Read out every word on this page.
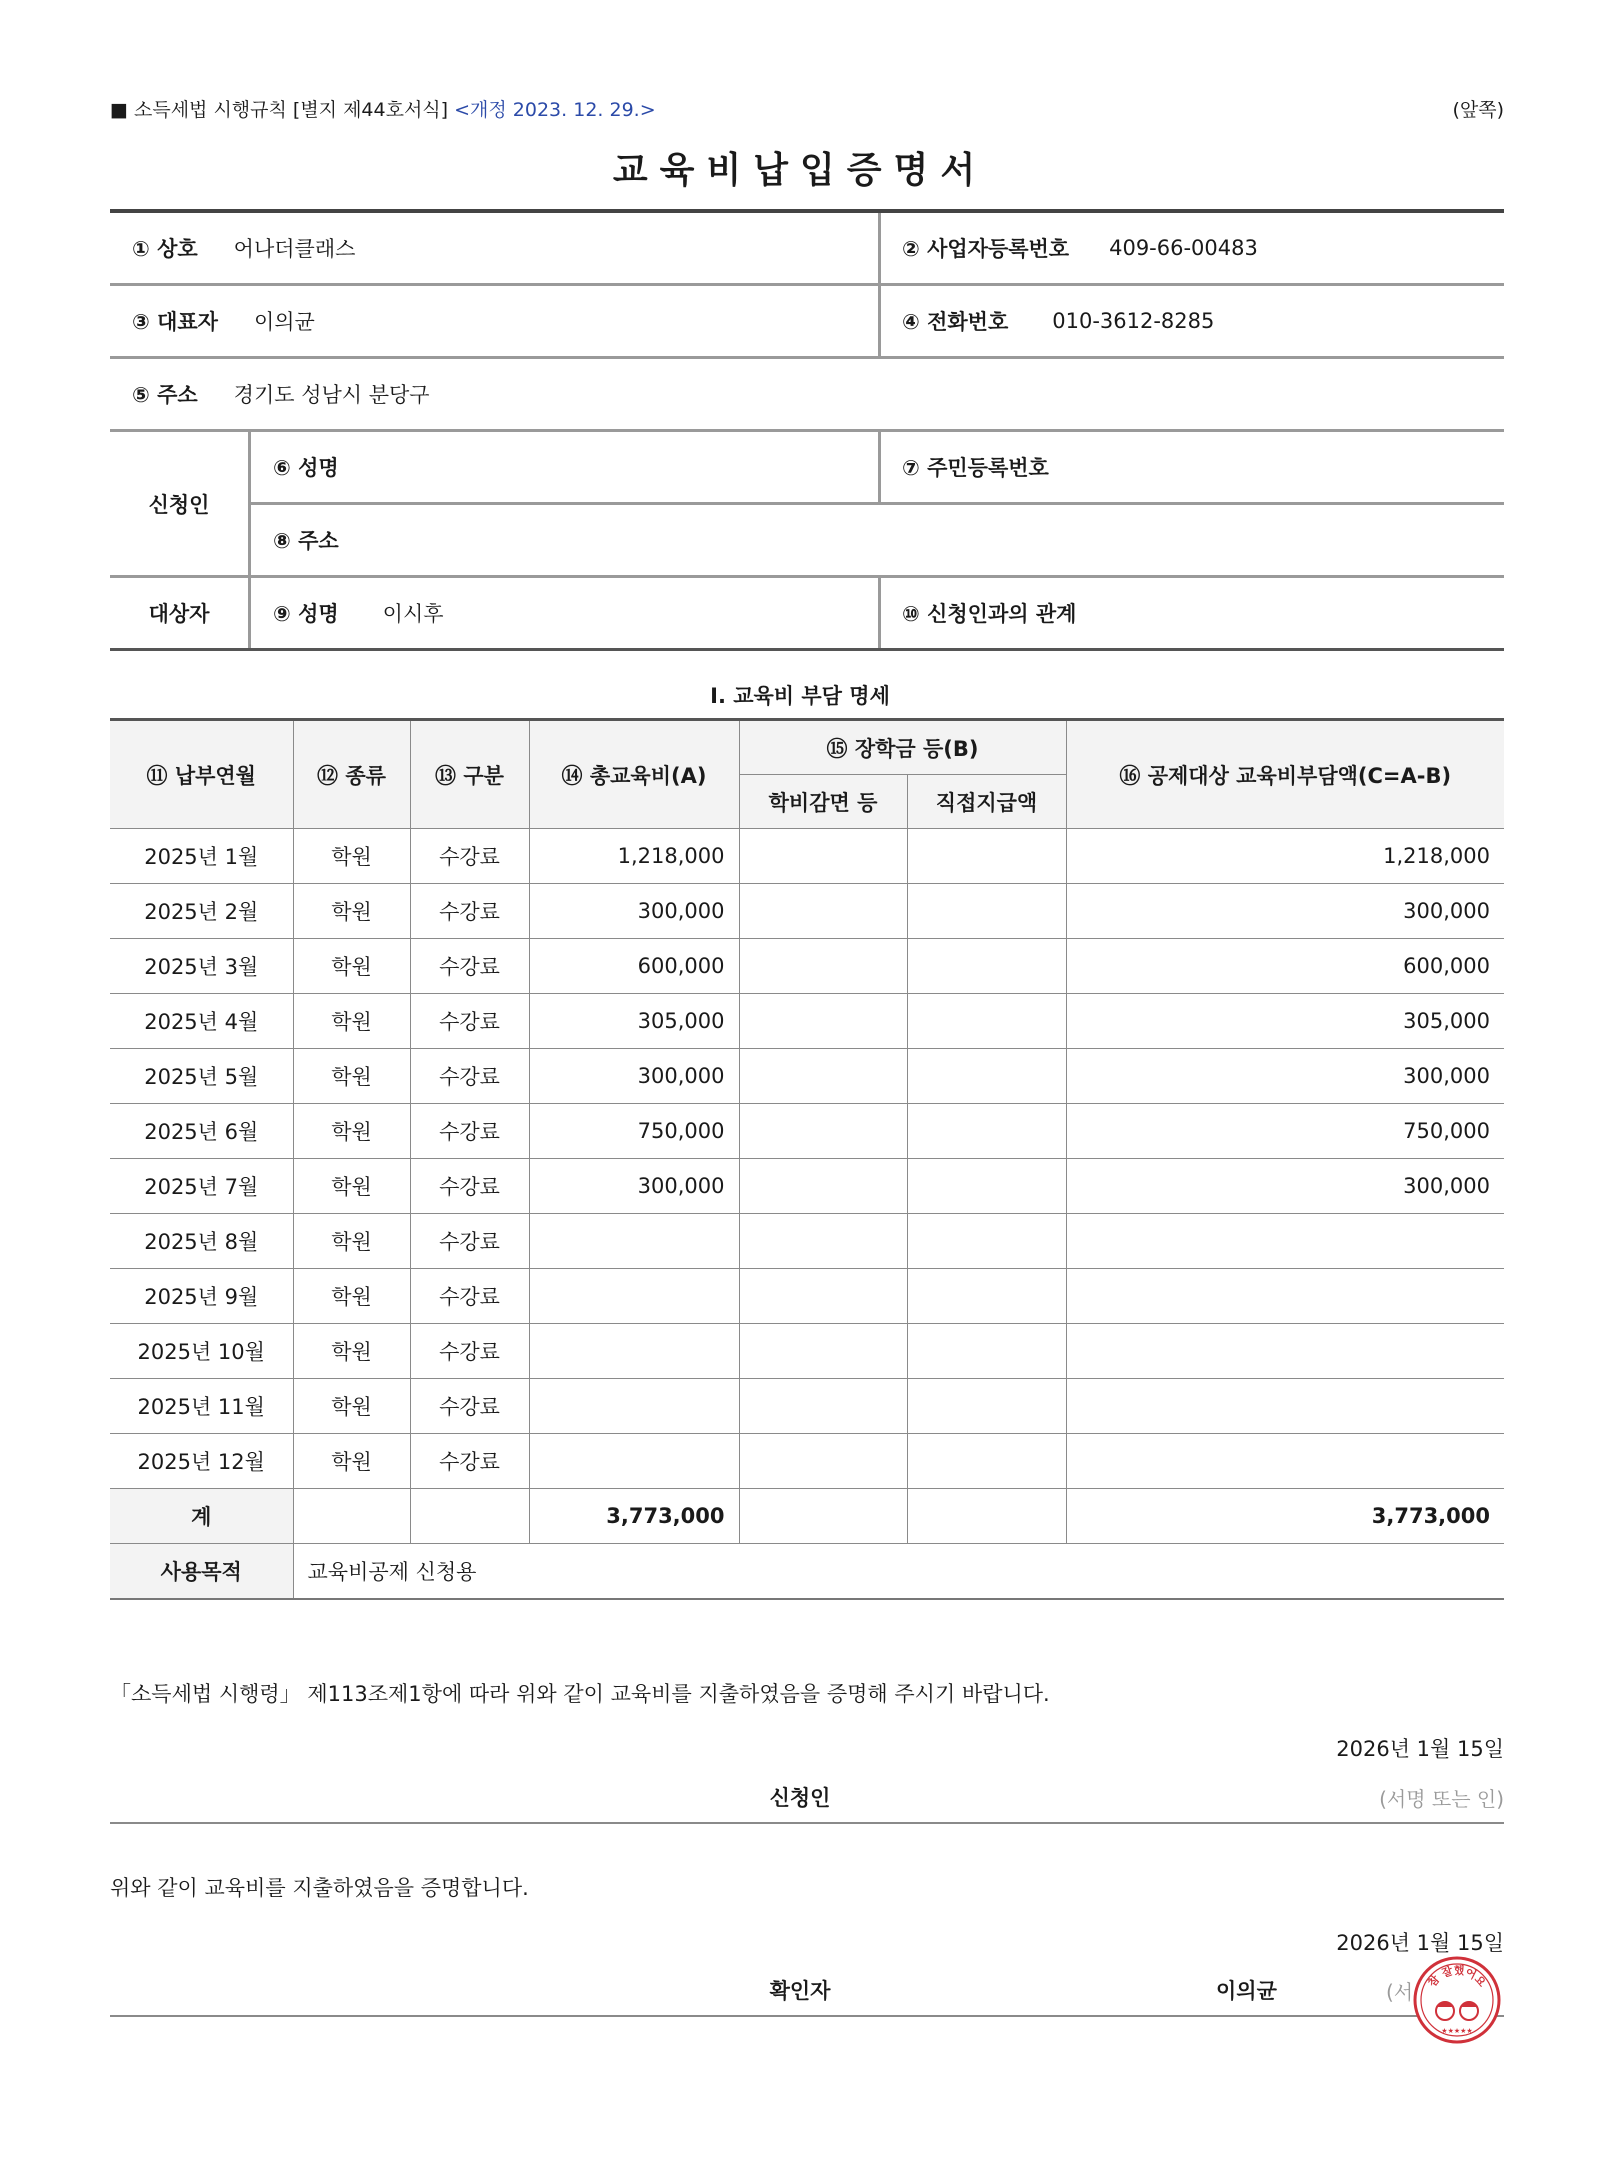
■ 소득세법 시행규칙 [별지 제44호서식] <개정 2023. 12. 29.>	(앞쪽)
교육비납입증명서
① 상호 어나더클래스	② 사업자등록번호 409-66-00483
③ 대표자 이의균	④ 전화번호 010-3612-8285
⑤ 주소 경기도 성남시 분당구
신청인
⑥ 성명	⑦ 주민등록번호
⑧ 주소
대상자	⑨ 성명 이시후	⑩ 신청인과의 관계
Ⅰ. 교육비 부담 명세
⑪ 납부연월	⑫ 종류	⑬ 구분	⑭ 총교육비(A)	⑮ 장학금 등(B)		⑯ 공제대상 교육비부담액(C=A-B)
				학비감면 등	직접지급액	
2025년 1월	학원	수강료	1,218,000			1,218,000
2025년 2월	학원	수강료	300,000			300,000
2025년 3월	학원	수강료	600,000			600,000
2025년 4월	학원	수강료	305,000			305,000
2025년 5월	학원	수강료	300,000			300,000
2025년 6월	학원	수강료	750,000			750,000
2025년 7월	학원	수강료	300,000			300,000
2025년 8월	학원	수강료				
2025년 9월	학원	수강료				
2025년 10월	학원	수강료				
2025년 11월	학원	수강료				
2025년 12월	학원	수강료				
계			3,773,000			3,773,000
사용목적	교육비공제 신청용					
「소득세법 시행령」 제113조제1항에 따라 위와 같이 교육비를 지출하였음을 증명해 주시기 바랍니다.
2026년 1월 15일
신청인	(서명 또는 인)
위와 같이 교육비를 지출하였음을 증명합니다.
2026년 1월 15일
확인자	이의균	(서 참 잘했어요
★★★★★
